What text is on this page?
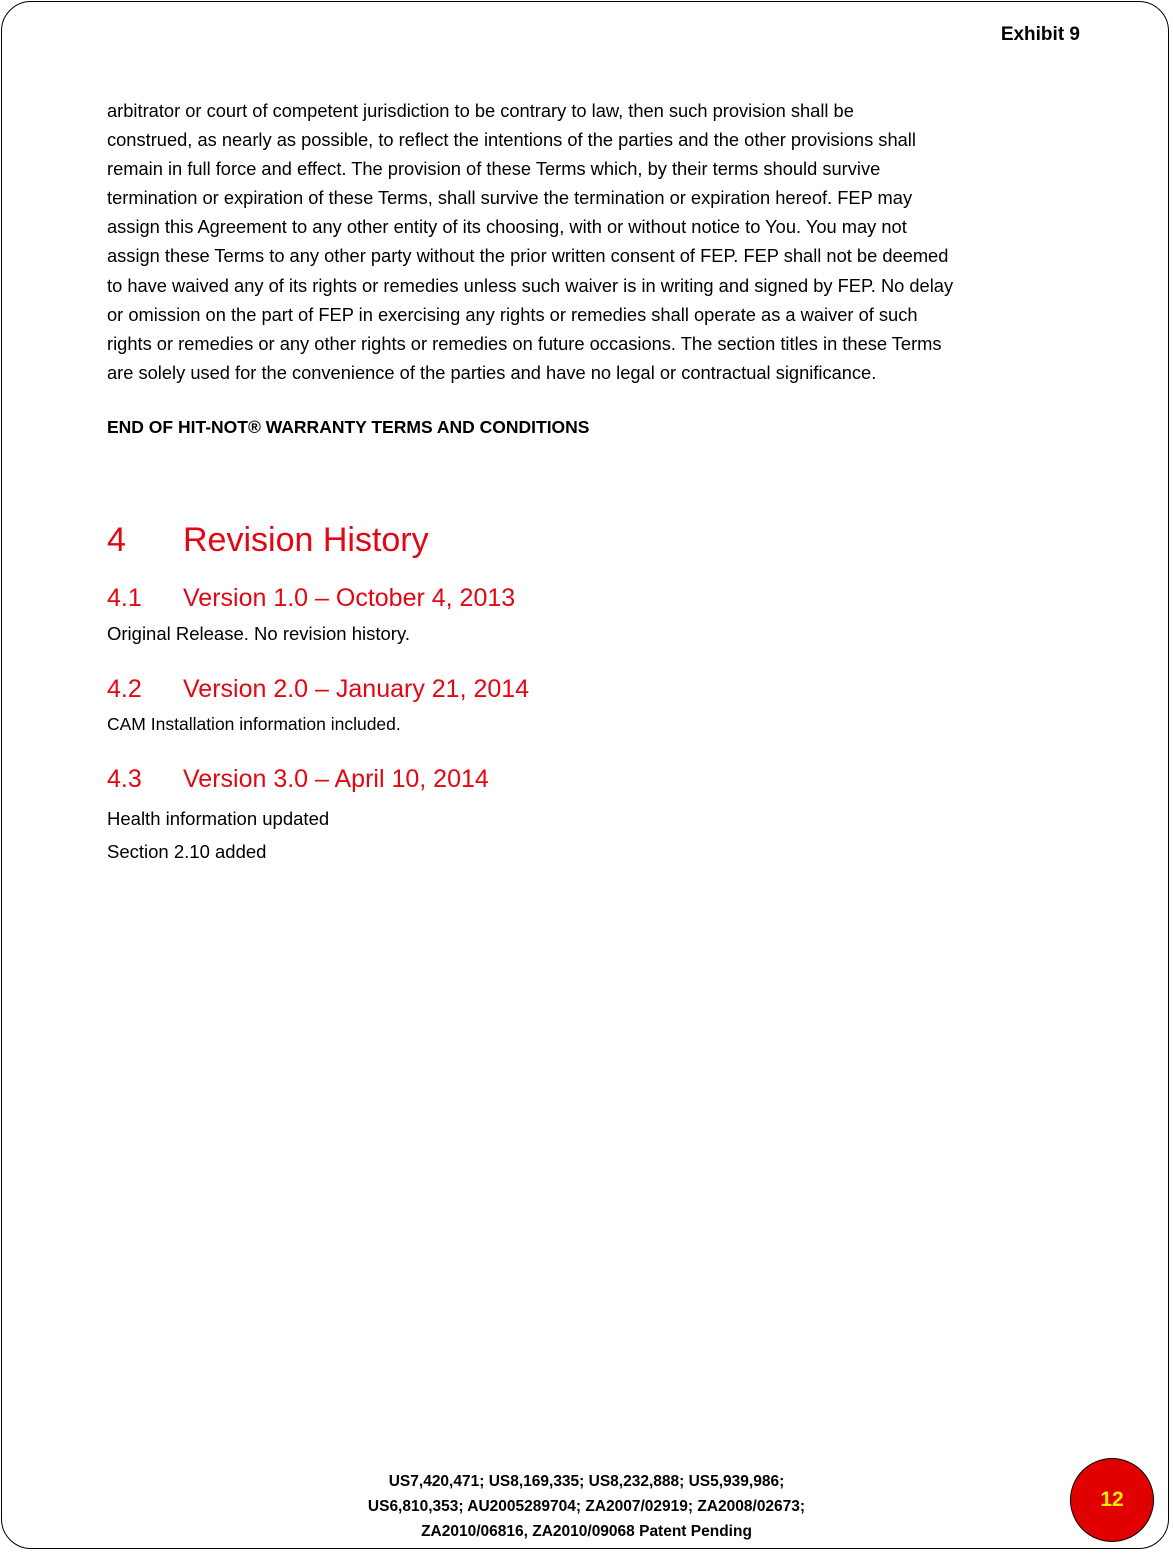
Exhibit 9

arbitrator or court of competent jurisdiction to be contrary to law, then such provision shall be

construed, as nearly as possible, to reflect the intentions of the parties and the other provisions shall

remain in full force and effect. The provision of these Terms which, by their terms should survive

termination or expiration of these Terms, shall survive the termination or expiration hereof. FEP may

assign this Agreement to any other entity of its choosing, with or without notice to You. You may not

assign these Terms to any other party without the prior written consent of FEP. FEP shall not be deemed

to have waived any of its rights or remedies unless such waiver is in writing and signed by FEP. No delay

or omission on the part of FEP in exercising any rights or remedies shall operate as a waiver of such

rights or remedies or any other rights or remedies on future occasions. The section titles in these Terms

are solely used for the convenience of the parties and have no legal or contractual significance.

END OF HIT-NOT® WARRANTY TERMS AND CONDITIONS
4 Revision History
4.1 Version 1.0 – October 4, 2013
Original Release. No revision history.
4.2 Version 2.0 – January 21, 2014
CAM Installation information included.
4.3 Version 3.0 – April 10, 2014
Health information updated
Section 2.10 added
US7,420,471; US8,169,335; US8,232,888; US5,939,986;
US6,810,353; AU2005289704; ZA2007/02919; ZA2008/02673;
ZA2010/06816, ZA2010/09068 Patent Pending
12
